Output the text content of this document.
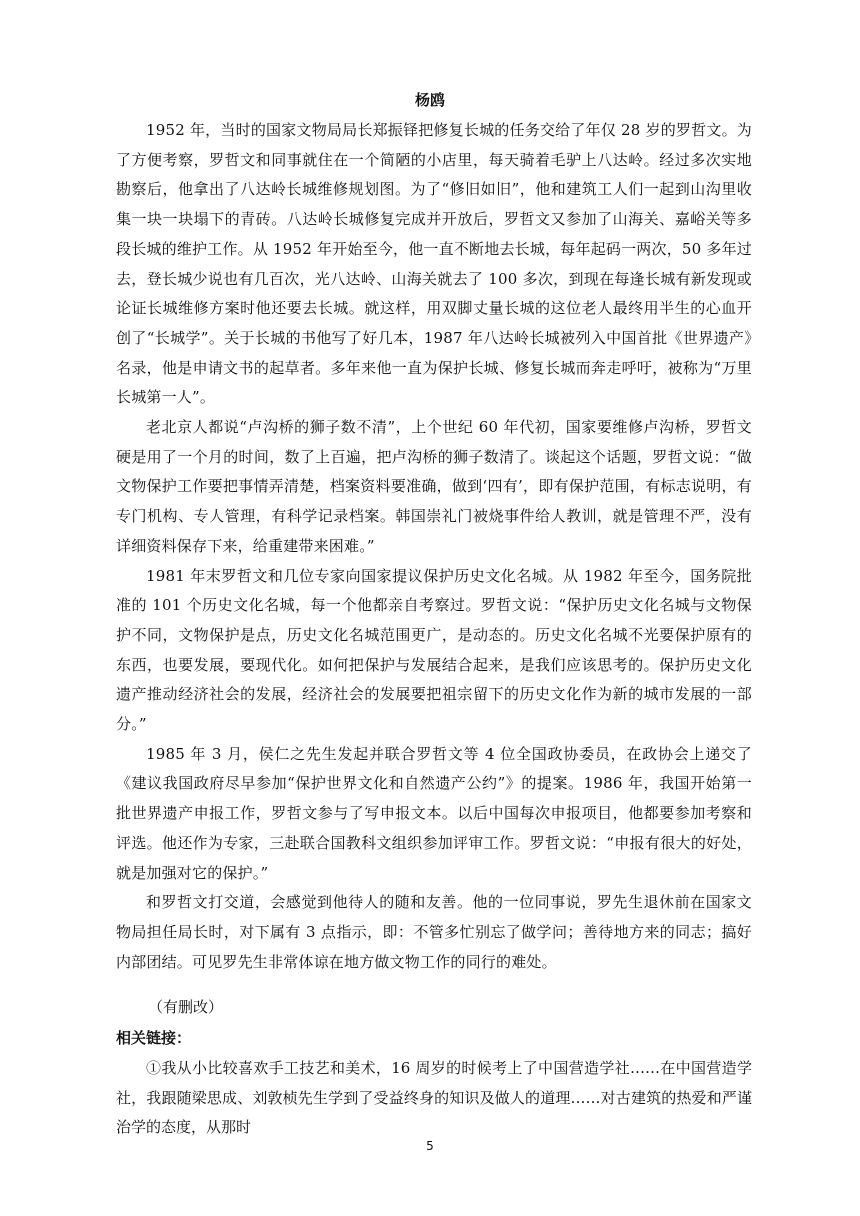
杨鸥

1952 年，当时的国家文物局局长郑振铎把修复长城的任务交给了年仅 28 岁的罗哲文。为了方便考察，罗哲文和同事就住在一个简陋的小店里，每天骑着毛驴上八达岭。经过多次实地勘察后，他拿出了八达岭长城维修规划图。为了“修旧如旧”，他和建筑工人们一起到山沟里收集一块一块塌下的青砖。八达岭长城修复完成并开放后，罗哲文又参加了山海关、嘉峪关等多段长城的维护工作。从 1952 年开始至今，他一直不断地去长城，每年起码一两次，50 多年过去，登长城少说也有几百次，光八达岭、山海关就去了 100 多次，到现在每逢长城有新发现或论证长城维修方案时他还要去长城。就这样，用双脚丈量长城的这位老人最终用半生的心血开创了“长城学”。关于长城的书他写了好几本，1987 年八达岭长城被列入中国首批《世界遗产》名录，他是申请文书的起草者。多年来他一直为保护长城、修复长城而奔走呼吁，被称为“万里长城第一人”。

老北京人都说“卢沟桥的狮子数不清”，上个世纪 60 年代初，国家要维修卢沟桥，罗哲文硬是用了一个月的时间，数了上百遍，把卢沟桥的狮子数清了。谈起这个话题，罗哲文说：“做文物保护工作要把事情弄清楚，档案资料要准确，做到‘四有’，即有保护范围，有标志说明，有专门机构、专人管理，有科学记录档案。韩国崇礼门被烧事件给人教训，就是管理不严，没有详细资料保存下来，给重建带来困难。”

1981 年末罗哲文和几位专家向国家提议保护历史文化名城。从 1982 年至今，国务院批准的 101 个历史文化名城，每一个他都亲自考察过。罗哲文说：“保护历史文化名城与文物保护不同，文物保护是点，历史文化名城范围更广，是动态的。历史文化名城不光要保护原有的东西，也要发展，要现代化。如何把保护与发展结合起来，是我们应该思考的。保护历史文化遗产推动经济社会的发展，经济社会的发展要把祖宗留下的历史文化作为新的城市发展的一部分。”

1985 年 3 月，侯仁之先生发起并联合罗哲文等 4 位全国政协委员，在政协会上递交了《建议我国政府尽早参加“保护世界文化和自然遗产公约”》的提案。1986 年，我国开始第一批世界遗产申报工作，罗哲文参与了写申报文本。以后中国每次申报项目，他都要参加考察和评选。他还作为专家，三赴联合国教科文组织参加评审工作。罗哲文说：“申报有很大的好处，就是加强对它的保护。”

和罗哲文打交道，会感觉到他待人的随和友善。他的一位同事说，罗先生退休前在国家文物局担任局长时，对下属有 3 点指示，即：不管多忙别忘了做学问；善待地方来的同志；搞好内部团结。可见罗先生非常体谅在地方做文物工作的同行的难处。

（有删改）
相关链接：

①我从小比较喜欢手工技艺和美术，16 周岁的时候考上了中国营造学社……在中国营造学社，我跟随梁思成、刘敦桢先生学到了受益终身的知识及做人的道理……对古建筑的热爱和严谨治学的态度，从那时

5
